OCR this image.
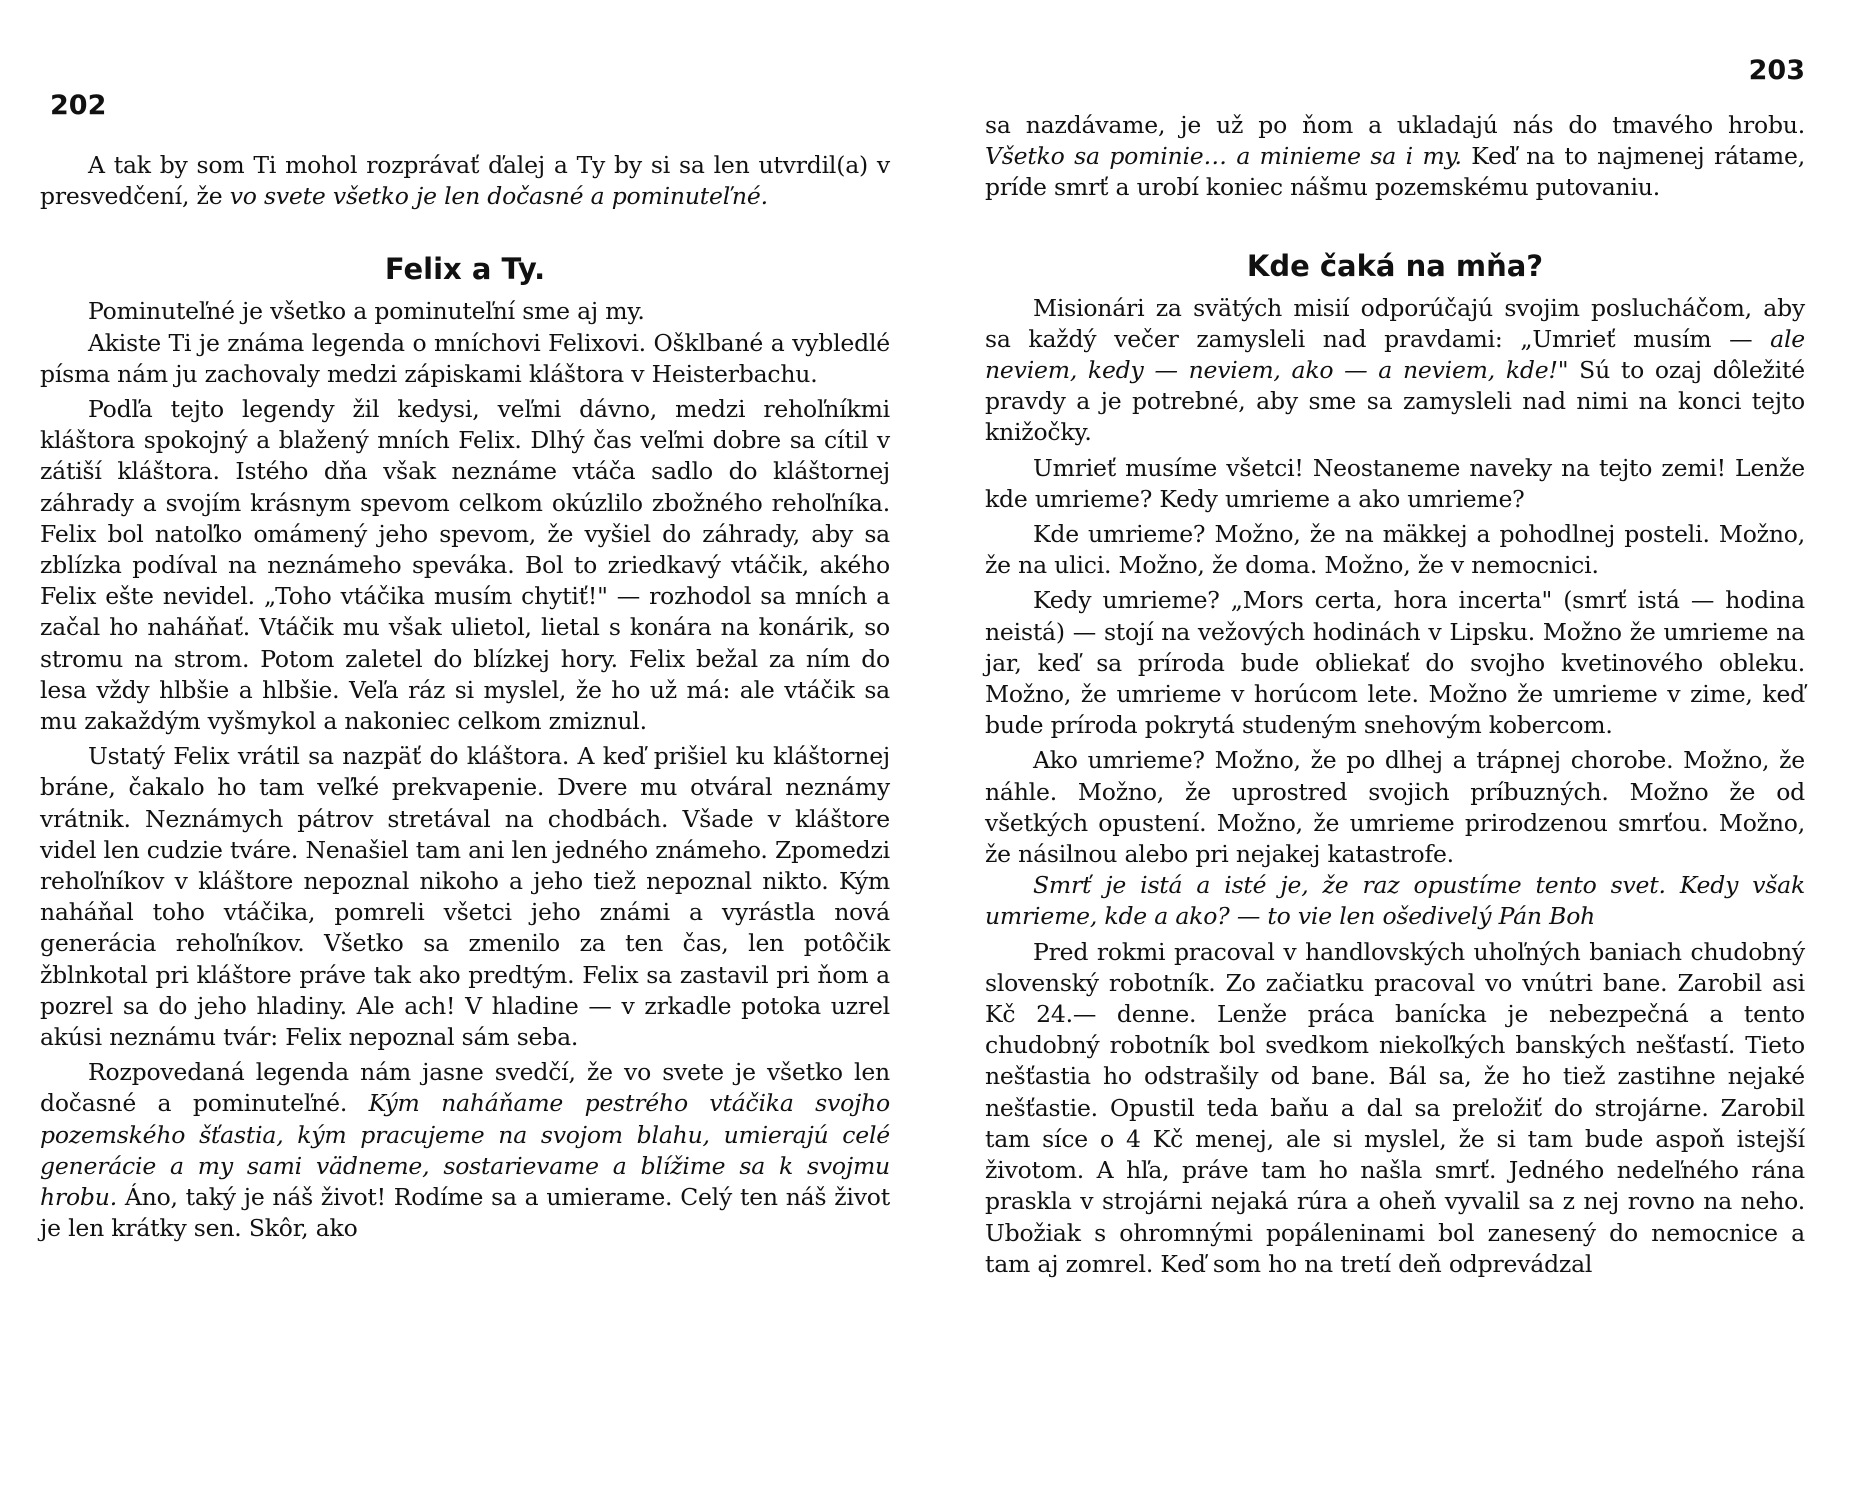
202

A tak by som Ti mohol rozprávať ďalej a Ty by si sa len utvrdil(a) v presvedčení, že vo svete všetko je len dočasné a pominuteľné.

Felix a Ty.

Pominuteľné je všetko a pominuteľní sme aj my.

Akiste Ti je známa legenda o mníchovi Felixovi. Ošklbané a vybledlé písma nám ju zachovaly medzi zápiskami kláštora v Heisterbachu.

Podľa tejto legendy žil kedysi, veľmi dávno, medzi rehoľníkmi kláštora spokojný a blažený mních Felix. Dlhý čas veľmi dobre sa cítil v zátiší kláštora. Istého dňa však neznáme vtáča sadlo do kláštornej záhrady a svojím krásnym spevom celkom okúzlilo zbožného rehoľníka. Felix bol natoľko omámený jeho spevom, že vyšiel do záhrady, aby sa zblízka podíval na neznámeho speváka. Bol to zriedkavý vtáčik, akého Felix ešte nevidel. „Toho vtáčika musím chytiť!" — rozhodol sa mních a začal ho naháňať. Vtáčik mu však ulietol, lietal s konára na konárik, so stromu na strom. Potom zaletel do blízkej hory. Felix bežal za ním do lesa vždy hlbšie a hlbšie. Veľa ráz si myslel, že ho už má: ale vtáčik sa mu zakaždým vyšmykol a nakoniec celkom zmiznul.

Ustatý Felix vrátil sa nazpäť do kláštora. A keď prišiel ku kláštornej bráne, čakalo ho tam veľké prekvapenie. Dvere mu otváral neznámy vrátnik. Neznámych pátrov stretával na chodbách. Všade v kláštore videl len cudzie tváre. Nenašiel tam ani len jedného známeho. Zpomedzi rehoľníkov v kláštore nepoznal nikoho a jeho tiež nepoznal nikto. Kým naháňal toho vtáčika, pomreli všetci jeho známi a vyrástla nová generácia rehoľníkov. Všetko sa zmenilo za ten čas, len potôčik žblnkotal pri kláštore práve tak ako predtým. Felix sa zastavil pri ňom a pozrel sa do jeho hladiny. Ale ach! V hladine — v zrkadle potoka uzrel akúsi neznámu tvár: Felix nepoznal sám seba.

Rozpovedaná legenda nám jasne svedčí, že vo svete je všetko len dočasné a pominuteľné. Kým naháňame pestrého vtáčika svojho pozemského šťastia, kým pracujeme na svojom blahu, umierajú celé generácie a my sami vädneme, sostarievame a blížime sa k svojmu hrobu. Áno, taký je náš život! Rodíme sa a umierame. Celý ten náš život je len krátky sen. Skôr, ako

203

sa nazdávame, je už po ňom a ukladajú nás do tmavého hrobu. Všetko sa pominie… a minieme sa i my. Keď na to najmenej rátame, príde smrť a urobí koniec nášmu pozemskému putovaniu.

Kde čaká na mňa?

Misionári za svätých misií odporúčajú svojim poslucháčom, aby sa každý večer zamysleli nad pravdami: „Umrieť musím — ale neviem, kedy — neviem, ako — a neviem, kde!" Sú to ozaj dôležité pravdy a je potrebné, aby sme sa zamysleli nad nimi na konci tejto knižočky.

Umrieť musíme všetci! Neostaneme naveky na tejto zemi! Lenže kde umrieme? Kedy umrieme a ako umrieme?

Kde umrieme? Možno, že na mäkkej a pohodlnej posteli. Možno, že na ulici. Možno, že doma. Možno, že v nemocnici.

Kedy umrieme? „Mors certa, hora incerta" (smrť istá — hodina neistá) — stojí na vežových hodinách v Lipsku. Možno že umrieme na jar, keď sa príroda bude obliekať do svojho kvetinového obleku. Možno, že umrieme v horúcom lete. Možno že umrieme v zime, keď bude príroda pokrytá studeným snehovým kobercom.

Ako umrieme? Možno, že po dlhej a trápnej chorobe. Možno, že náhle. Možno, že uprostred svojich príbuzných. Možno že od všetkých opustení. Možno, že umrieme prirodzenou smrťou. Možno, že násilnou alebo pri nejakej katastrofe.

Smrť je istá a isté je, že raz opustíme tento svet. Kedy však umrieme, kde a ako? — to vie len ošedivelý Pán Boh

Pred rokmi pracoval v handlovských uhoľných baniach chudobný slovenský robotník. Zo začiatku pracoval vo vnútri bane. Zarobil asi Kč 24.— denne. Lenže práca banícka je nebezpečná a tento chudobný robotník bol svedkom niekoľkých banských nešťastí. Tieto nešťastia ho odstrašily od bane. Bál sa, že ho tiež zastihne nejaké nešťastie. Opustil teda baňu a dal sa preložiť do strojárne. Zarobil tam síce o 4 Kč menej, ale si myslel, že si tam bude aspoň istejší životom. A hľa, práve tam ho našla smrť. Jedného nedeľného rána praskla v strojárni nejaká rúra a oheň vyvalil sa z nej rovno na neho. Ubožiak s ohromnými popáleninami bol zanesený do nemocnice a tam aj zomrel. Keď som ho na tretí deň odprevádzal
